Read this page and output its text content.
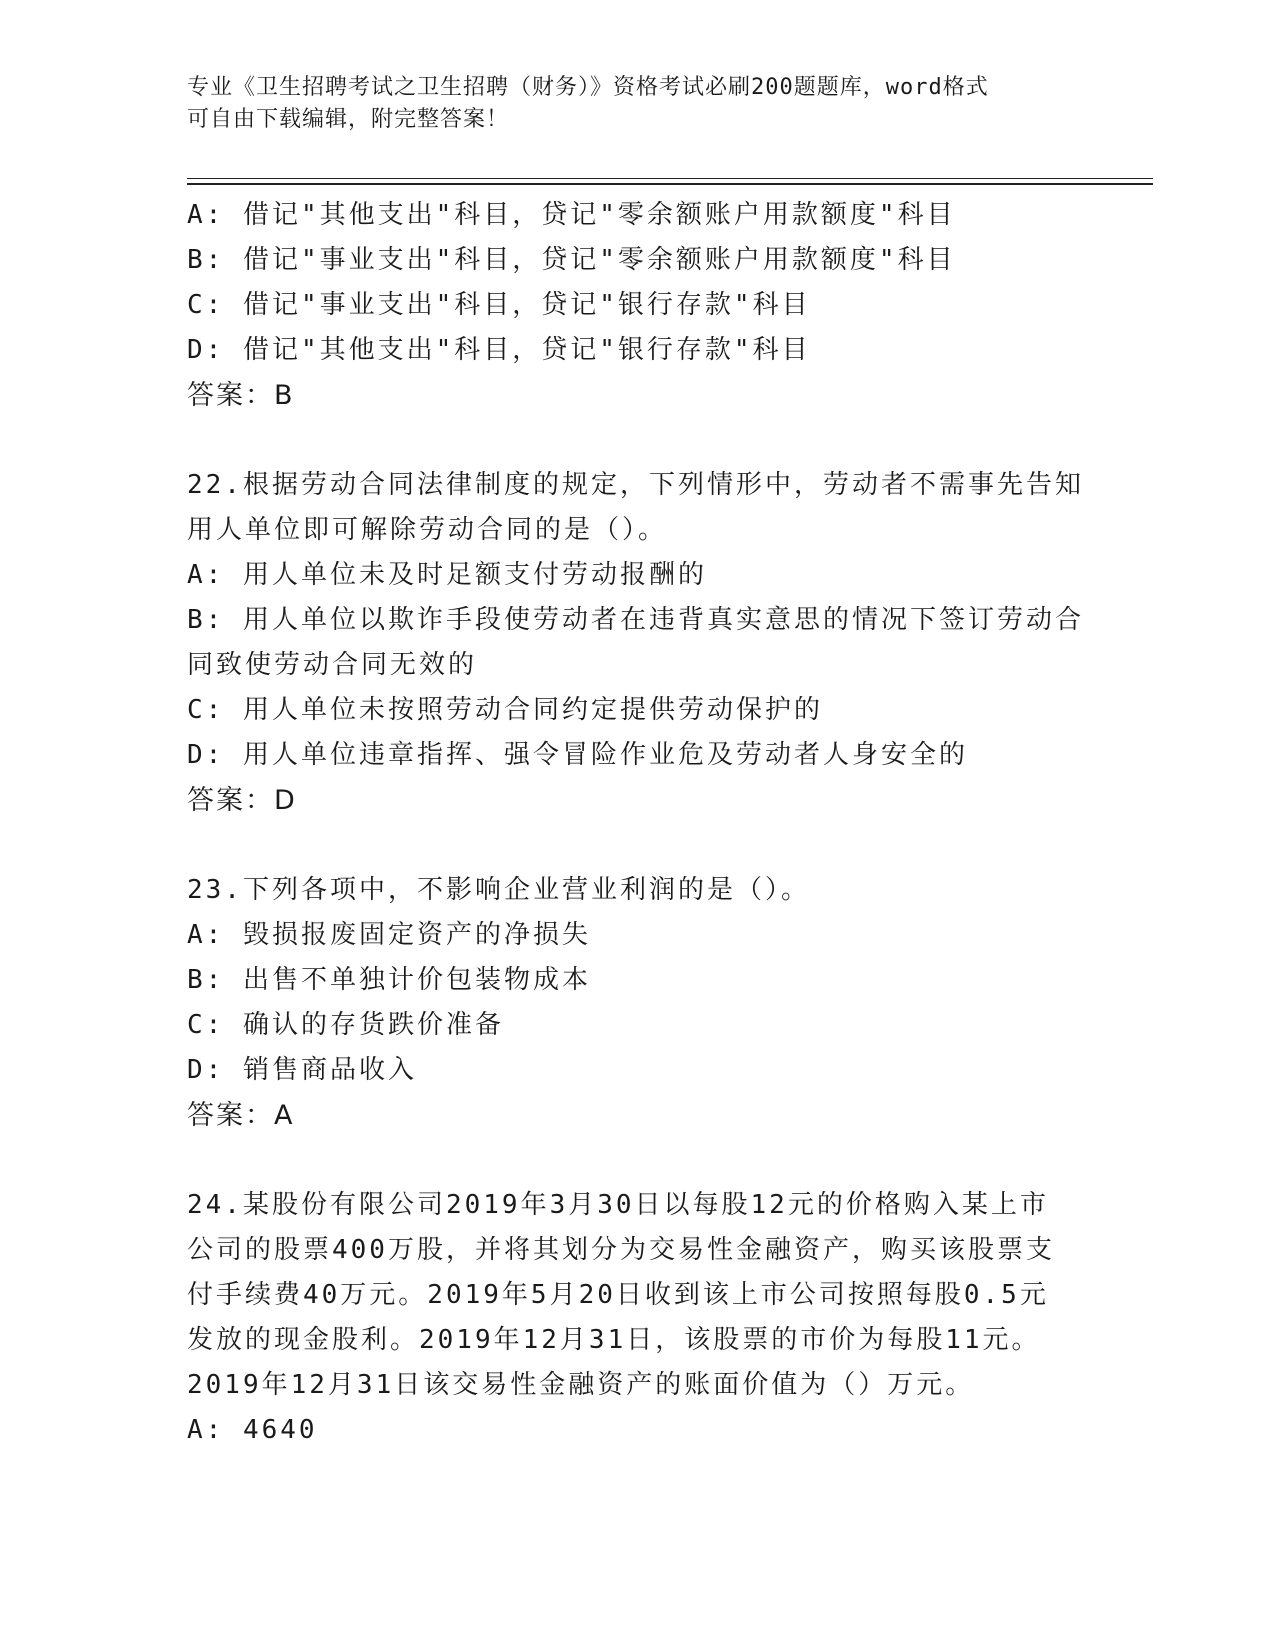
专业《卫生招聘考试之卫生招聘（财务）》资格考试必刷200题题库，word格式
可自由下载编辑，附完整答案！
A: 借记"其他支出"科目，贷记"零余额账户用款额度"科目
B: 借记"事业支出"科目，贷记"零余额账户用款额度"科目
C: 借记"事业支出"科目，贷记"银行存款"科目
D: 借记"其他支出"科目，贷记"银行存款"科目
答案：B
22.根据劳动合同法律制度的规定，下列情形中，劳动者不需事先告知
用人单位即可解除劳动合同的是（）。
A: 用人单位未及时足额支付劳动报酬的
B: 用人单位以欺诈手段使劳动者在违背真实意思的情况下签订劳动合
同致使劳动合同无效的
C: 用人单位未按照劳动合同约定提供劳动保护的
D: 用人单位违章指挥、强令冒险作业危及劳动者人身安全的
答案：D
23.下列各项中，不影响企业营业利润的是（）。
A: 毁损报废固定资产的净损失
B: 出售不单独计价包装物成本
C: 确认的存货跌价准备
D: 销售商品收入
答案：A
24.某股份有限公司2019年3月30日以每股12元的价格购入某上市
公司的股票400万股，并将其划分为交易性金融资产，购买该股票支
付手续费40万元。2019年5月20日收到该上市公司按照每股0.5元
发放的现金股利。2019年12月31日，该股票的市价为每股11元。
2019年12月31日该交易性金融资产的账面价值为（）万元。
A: 4640
